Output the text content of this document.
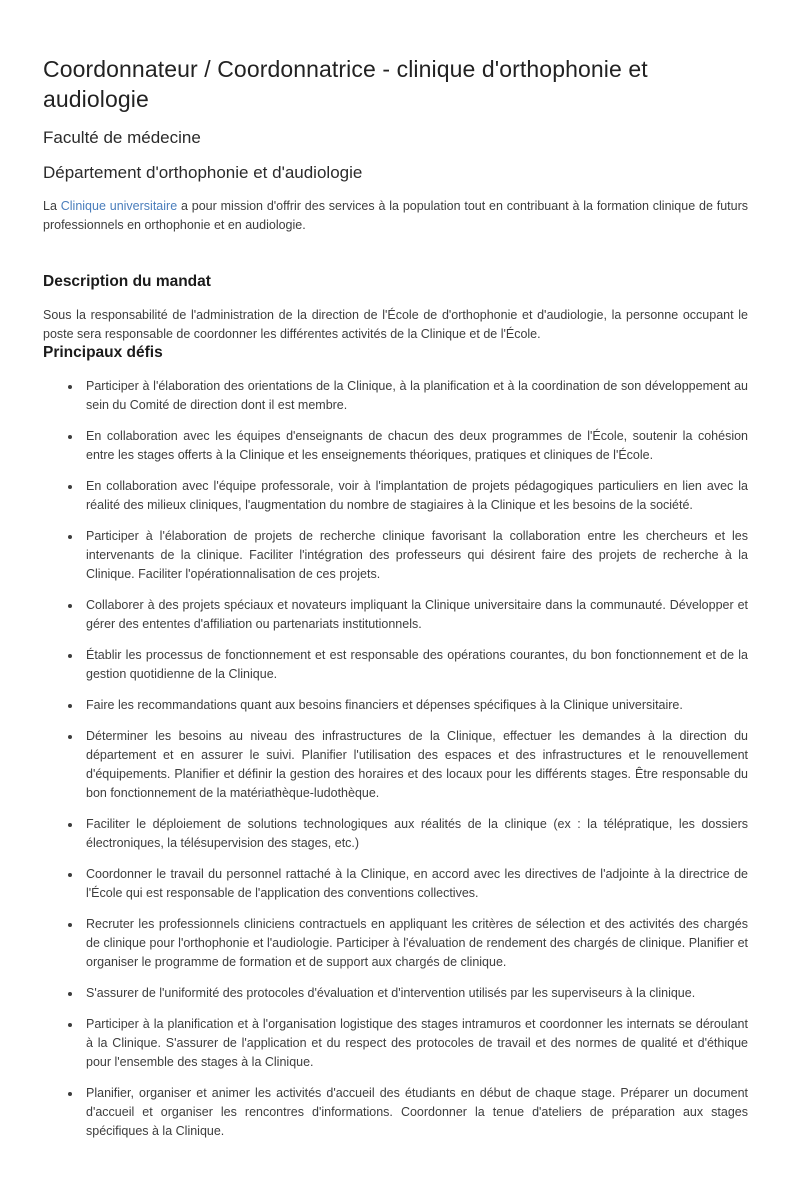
Coordonnateur / Coordonnatrice - clinique d'orthophonie et audiologie
Faculté de médecine
Département d'orthophonie et d'audiologie

La Clinique universitaire a pour mission d'offrir des services à la population tout en contribuant à la formation clinique de futurs professionnels en orthophonie et en audiologie.

Description du mandat

Sous la responsabilité de l'administration de la direction de l'École de d'orthophonie et d'audiologie, la personne occupant le poste sera responsable de coordonner les différentes activités de la Clinique et de l'École.

Principaux défis
Participer à l'élaboration des orientations de la Clinique, à la planification et à la coordination de son développement au sein du Comité de direction dont il est membre.
En collaboration avec les équipes d'enseignants de chacun des deux programmes de l'École, soutenir la cohésion entre les stages offerts à la Clinique et les enseignements théoriques, pratiques et cliniques de l'École.
En collaboration avec l'équipe professorale, voir à l'implantation de projets pédagogiques particuliers en lien avec la réalité des milieux cliniques, l'augmentation du nombre de stagiaires à la Clinique et les besoins de la société.
Participer à l'élaboration de projets de recherche clinique favorisant la collaboration entre les chercheurs et les intervenants de la clinique. Faciliter l'intégration des professeurs qui désirent faire des projets de recherche à la Clinique. Faciliter l'opérationnalisation de ces projets.
Collaborer à des projets spéciaux et novateurs impliquant la Clinique universitaire dans la communauté. Développer et gérer des ententes d'affiliation ou partenariats institutionnels.
Établir les processus de fonctionnement et est responsable des opérations courantes, du bon fonctionnement et de la gestion quotidienne de la Clinique.
Faire les recommandations quant aux besoins financiers et dépenses spécifiques à la Clinique universitaire.
Déterminer les besoins au niveau des infrastructures de la Clinique, effectuer les demandes à la direction du département et en assurer le suivi. Planifier l'utilisation des espaces et des infrastructures et le renouvellement d'équipements. Planifier et définir la gestion des horaires et des locaux pour les différents stages. Être responsable du bon fonctionnement de la matériathèque-ludothèque.
Faciliter le déploiement de solutions technologiques aux réalités de la clinique (ex : la télépratique, les dossiers électroniques, la télésupervision des stages, etc.)
Coordonner le travail du personnel rattaché à la Clinique, en accord avec les directives de l'adjointe à la directrice de l'École qui est responsable de l'application des conventions collectives.
Recruter les professionnels cliniciens contractuels en appliquant les critères de sélection et des activités des chargés de clinique pour l'orthophonie et l'audiologie. Participer à l'évaluation de rendement des chargés de clinique. Planifier et organiser le programme de formation et de support aux chargés de clinique.
S'assurer de l'uniformité des protocoles d'évaluation et d'intervention utilisés par les superviseurs à la clinique.
Participer à la planification et à l'organisation logistique des stages intramuros et coordonner les internats se déroulant à la Clinique. S'assurer de l'application et du respect des protocoles de travail et des normes de qualité et d'éthique pour l'ensemble des stages à la Clinique.
Planifier, organiser et animer les activités d'accueil des étudiants en début de chaque stage. Préparer un document d'accueil et organiser les rencontres d'informations. Coordonner la tenue d'ateliers de préparation aux stages spécifiques à la Clinique.
